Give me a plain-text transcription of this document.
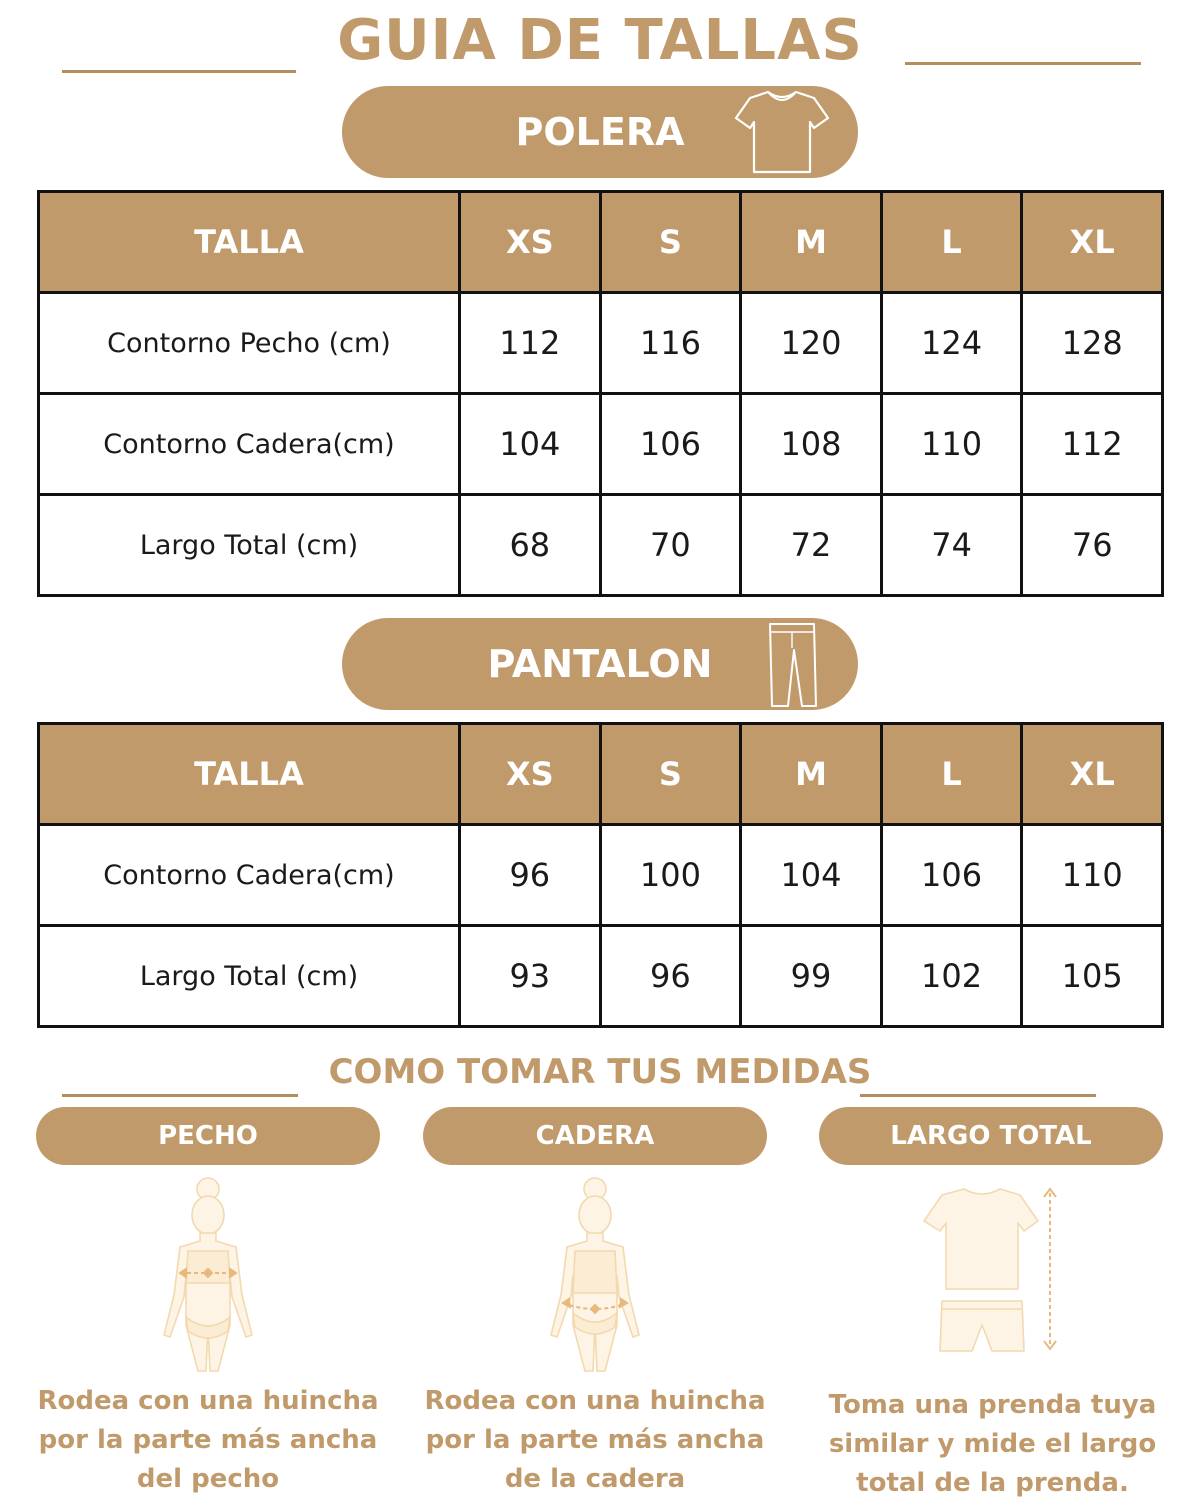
GUIA DE TALLAS
POLERA
TALLA	XS	S	M	L	XL
Contorno Pecho (cm)	112	116	120	124	128
Contorno Cadera(cm)	104	106	108	110	112
Largo Total (cm)	68	70	72	74	76
PANTALON
TALLA	XS	S	M	L	XL
Contorno Cadera(cm)	96	100	104	106	110
Largo Total (cm)	93	96	99	102	105
COMO TOMAR TUS MEDIDAS
PECHO	CADERA	LARGO TOTAL
Rodea con una huincha
por la parte más ancha
del pecho
Rodea con una huincha
por la parte más ancha
de la cadera
Toma una prenda tuya
similar y mide el largo
total de la prenda.
